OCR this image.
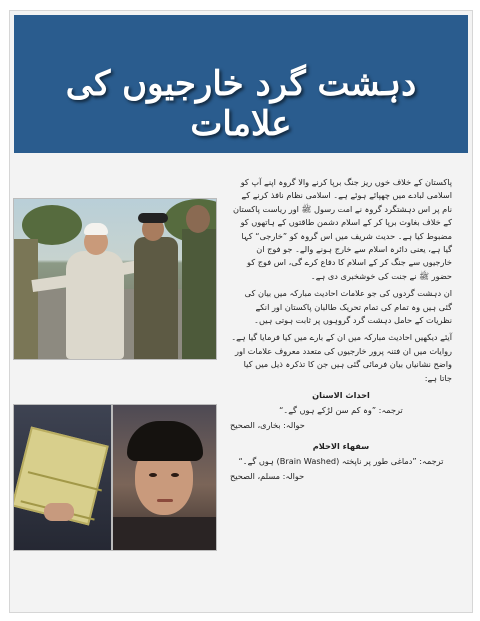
دہشت گرد خارجیوں کی علامات

پاکستان کے خلاف خوں ریز جنگ برپا کرنے والا گروہ اپنے آپ کو اسلامی لبادے میں چھپائے ہوئے ہے۔ اسلامی نظام نافذ کرنے کے نام پر اس دہشتگرد گروہ نے امت رسول ﷺ اور ریاست پاکستان کے خلاف بغاوت برپا کر کے اسلام دشمن طاقتوں کے ہاتھوں کو مضبوط کیا ہے۔ حدیث شریف میں اس گروہ کو ”خارجی“ کہا گیا ہے، یعنی دائرہ اسلام سے خارج ہونے والے۔ جو فوج ان خارجیوں سے جنگ کر کے اسلام کا دفاع کرے گی، اس فوج کو حضور ﷺ نے جنت کی خوشخبری دی ہے۔

ان دہشت گردوں کی جو علامات احادیث مبارکہ میں بیان کی گئی ہیں وہ تمام کی تمام تحریک طالبان پاکستان اور انکے نظریات کے حامل دہشت گرد گروہوں پر ثابت ہوتی ہیں۔

آیئے دیکھیں احادیث مبارکہ میں ان کے بارے میں کیا فرمایا گیا ہے۔ روایات میں ان فتنہ پرور خارجیوں کی متعدد معروف علامات اور واضح نشانیاں بیان فرمائی گئی ہیں جن کا تذکرہ ذیل میں کیا جاتا ہے:

احداث الاسنان
ترجمہ: ”وہ کم سن لڑکے ہوں گے۔“
حوالہ: بخاری، الصحیح
سفهاء الاحلام
ترجمہ: ”دماغی طور پر ناپختہ (Brain Washed) ہوں گے۔“
حوالہ: مسلم، الصحیح
